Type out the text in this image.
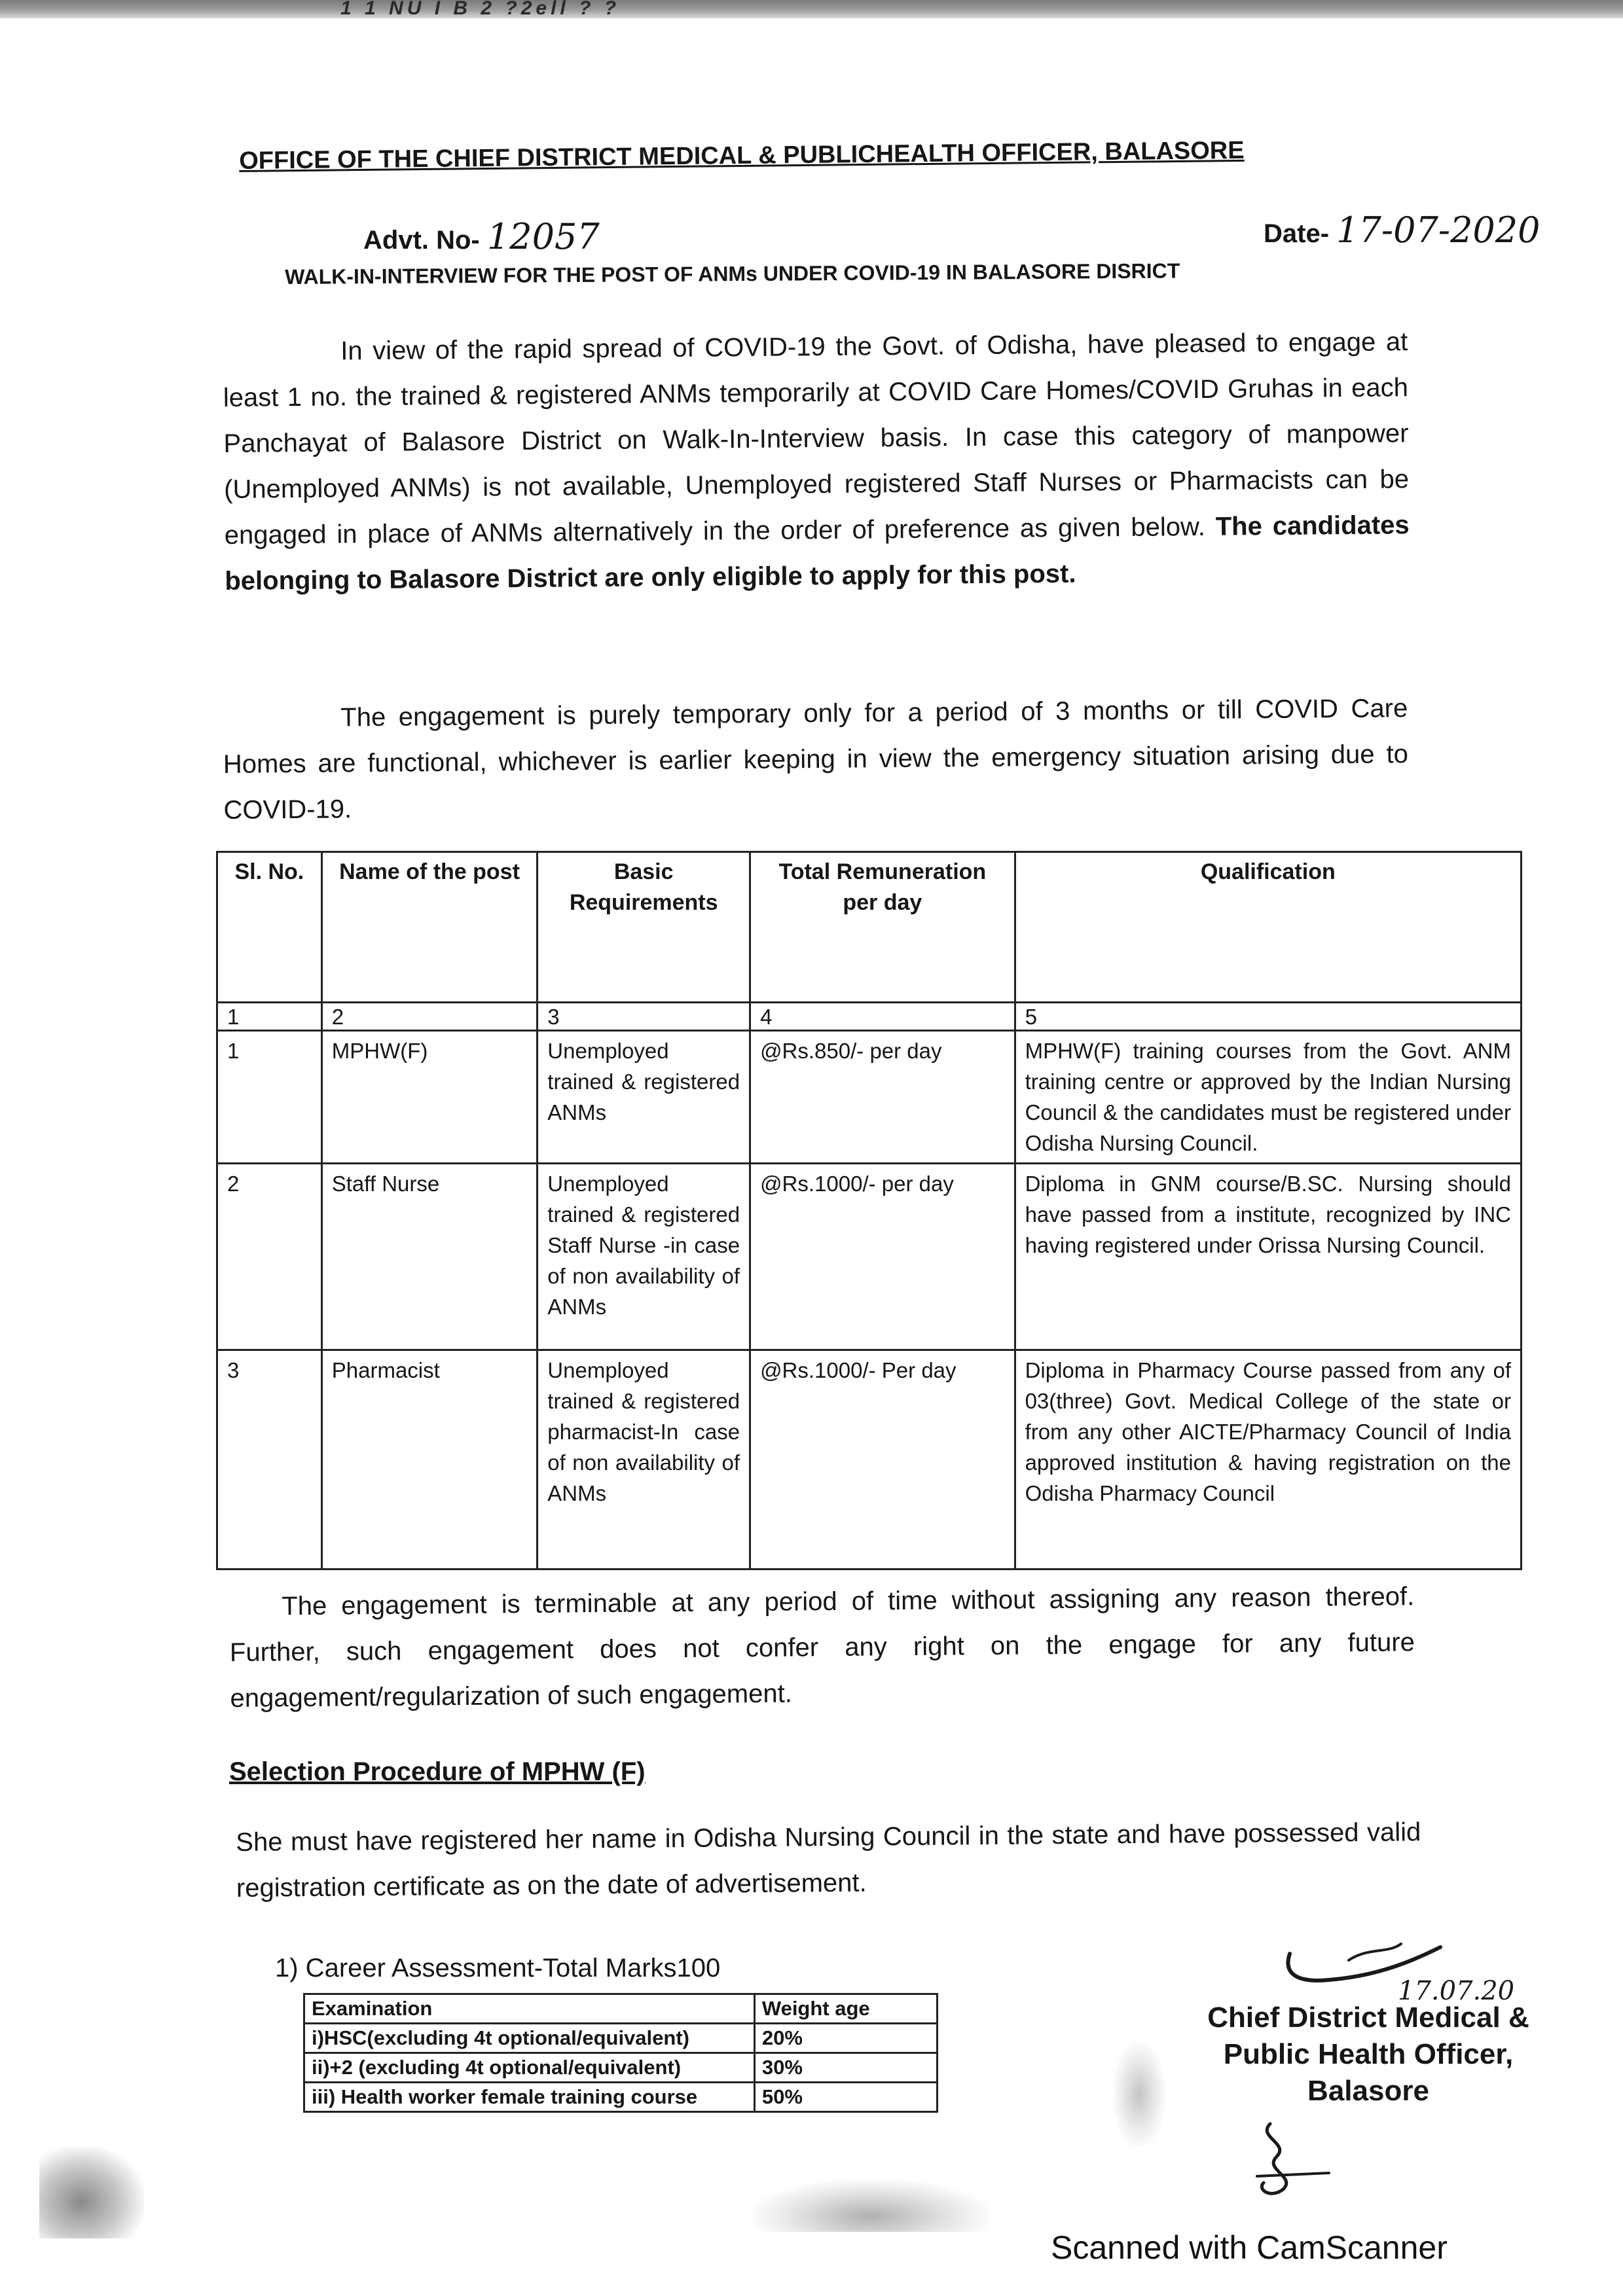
1 1 NU I B 2 ?2ell ? ?
OFFICE OF THE CHIEF DISTRICT MEDICAL & PUBLICHEALTH OFFICER, BALASORE
Advt. No- 12057	Date- 17-07-2020
WALK-IN-INTERVIEW FOR THE POST OF ANMs UNDER COVID-19 IN BALASORE DISRICT
In view of the rapid spread of COVID-19 the Govt. of Odisha, have pleased to engage at least 1 no. the trained & registered ANMs temporarily at COVID Care Homes/COVID Gruhas in each Panchayat of Balasore District on Walk-In-Interview basis. In case this category of manpower (Unemployed ANMs) is not available, Unemployed registered Staff Nurses or Pharmacists can be engaged in place of ANMs alternatively in the order of preference as given below. The candidates belonging to Balasore District are only eligible to apply for this post.
The engagement is purely temporary only for a period of 3 months or till COVID Care Homes are functional, whichever is earlier keeping in view the emergency situation arising due to COVID-19.
Sl. No.	Name of the post	Basic Requirements	Total Remuneration per day	Qualification
1	2	3	4	5
1	MPHW(F)	Unemployed trained & registered ANMs	@Rs.850/- per day	MPHW(F) training courses from the Govt. ANM training centre or approved by the Indian Nursing Council & the candidates must be registered under Odisha Nursing Council.
2	Staff Nurse	Unemployed trained & registered Staff Nurse -in case of non availability of ANMs	@Rs.1000/- per day	Diploma in GNM course/B.SC. Nursing should have passed from a institute, recognized by INC having registered under Orissa Nursing Council.
3	Pharmacist	Unemployed trained & registered pharmacist-In case of non availability of ANMs	@Rs.1000/- Per day	Diploma in Pharmacy Course passed from any of 03(three) Govt. Medical College of the state or from any other AICTE/Pharmacy Council of India approved institution & having registration on the Odisha Pharmacy Council
The engagement is terminable at any period of time without assigning any reason thereof. Further, such engagement does not confer any right on the engage for any future engagement/regularization of such engagement.
Selection Procedure of MPHW (F)
She must have registered her name in Odisha Nursing Council in the state and have possessed valid registration certificate as on the date of advertisement.
1) Career Assessment-Total Marks100
Examination	Weight age
i)HSC(excluding 4t optional/equivalent)	20%
ii)+2 (excluding 4t optional/equivalent)	30%
iii) Health worker female training course	50%
17.07.20
Chief District Medical &
Public Health Officer,
Balasore
Scanned with CamScanner
